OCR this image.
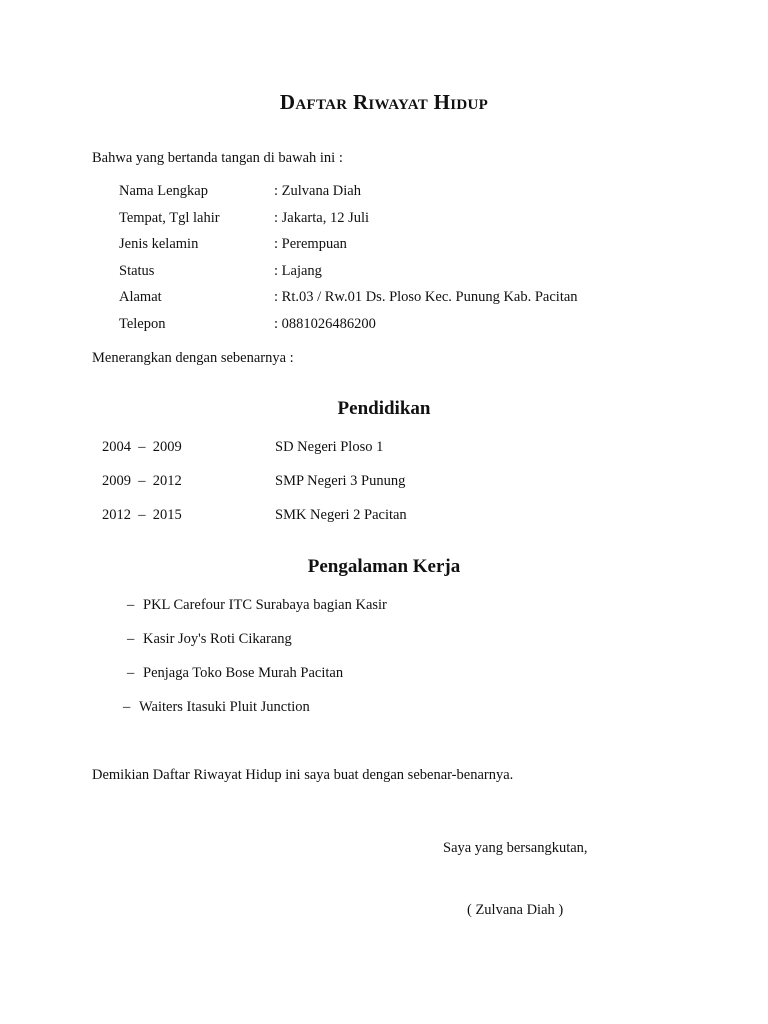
Daftar Riwayat Hidup
Bahwa yang bertanda tangan di bawah ini :
Nama Lengkap	: Zulvana Diah
Tempat, Tgl lahir	: Jakarta, 12 Juli
Jenis kelamin	: Perempuan
Status	: Lajang
Alamat	: Rt.03 / Rw.01 Ds. Ploso Kec. Punung Kab. Pacitan
Telepon	: 0881026486200
Menerangkan dengan sebenarnya :
Pendidikan
2004  –  2009	SD Negeri Ploso 1
2009  –  2012	SMP Negeri 3 Punung
2012  –  2015	SMK Negeri 2 Pacitan
Pengalaman Kerja
– PKL Carefour ITC Surabaya bagian Kasir
– Kasir Joy's Roti Cikarang
– Penjaga Toko Bose Murah Pacitan
– Waiters Itasuki Pluit Junction
Demikian Daftar Riwayat Hidup ini saya buat dengan sebenar-benarnya.
Saya yang bersangkutan,
( Zulvana Diah )
